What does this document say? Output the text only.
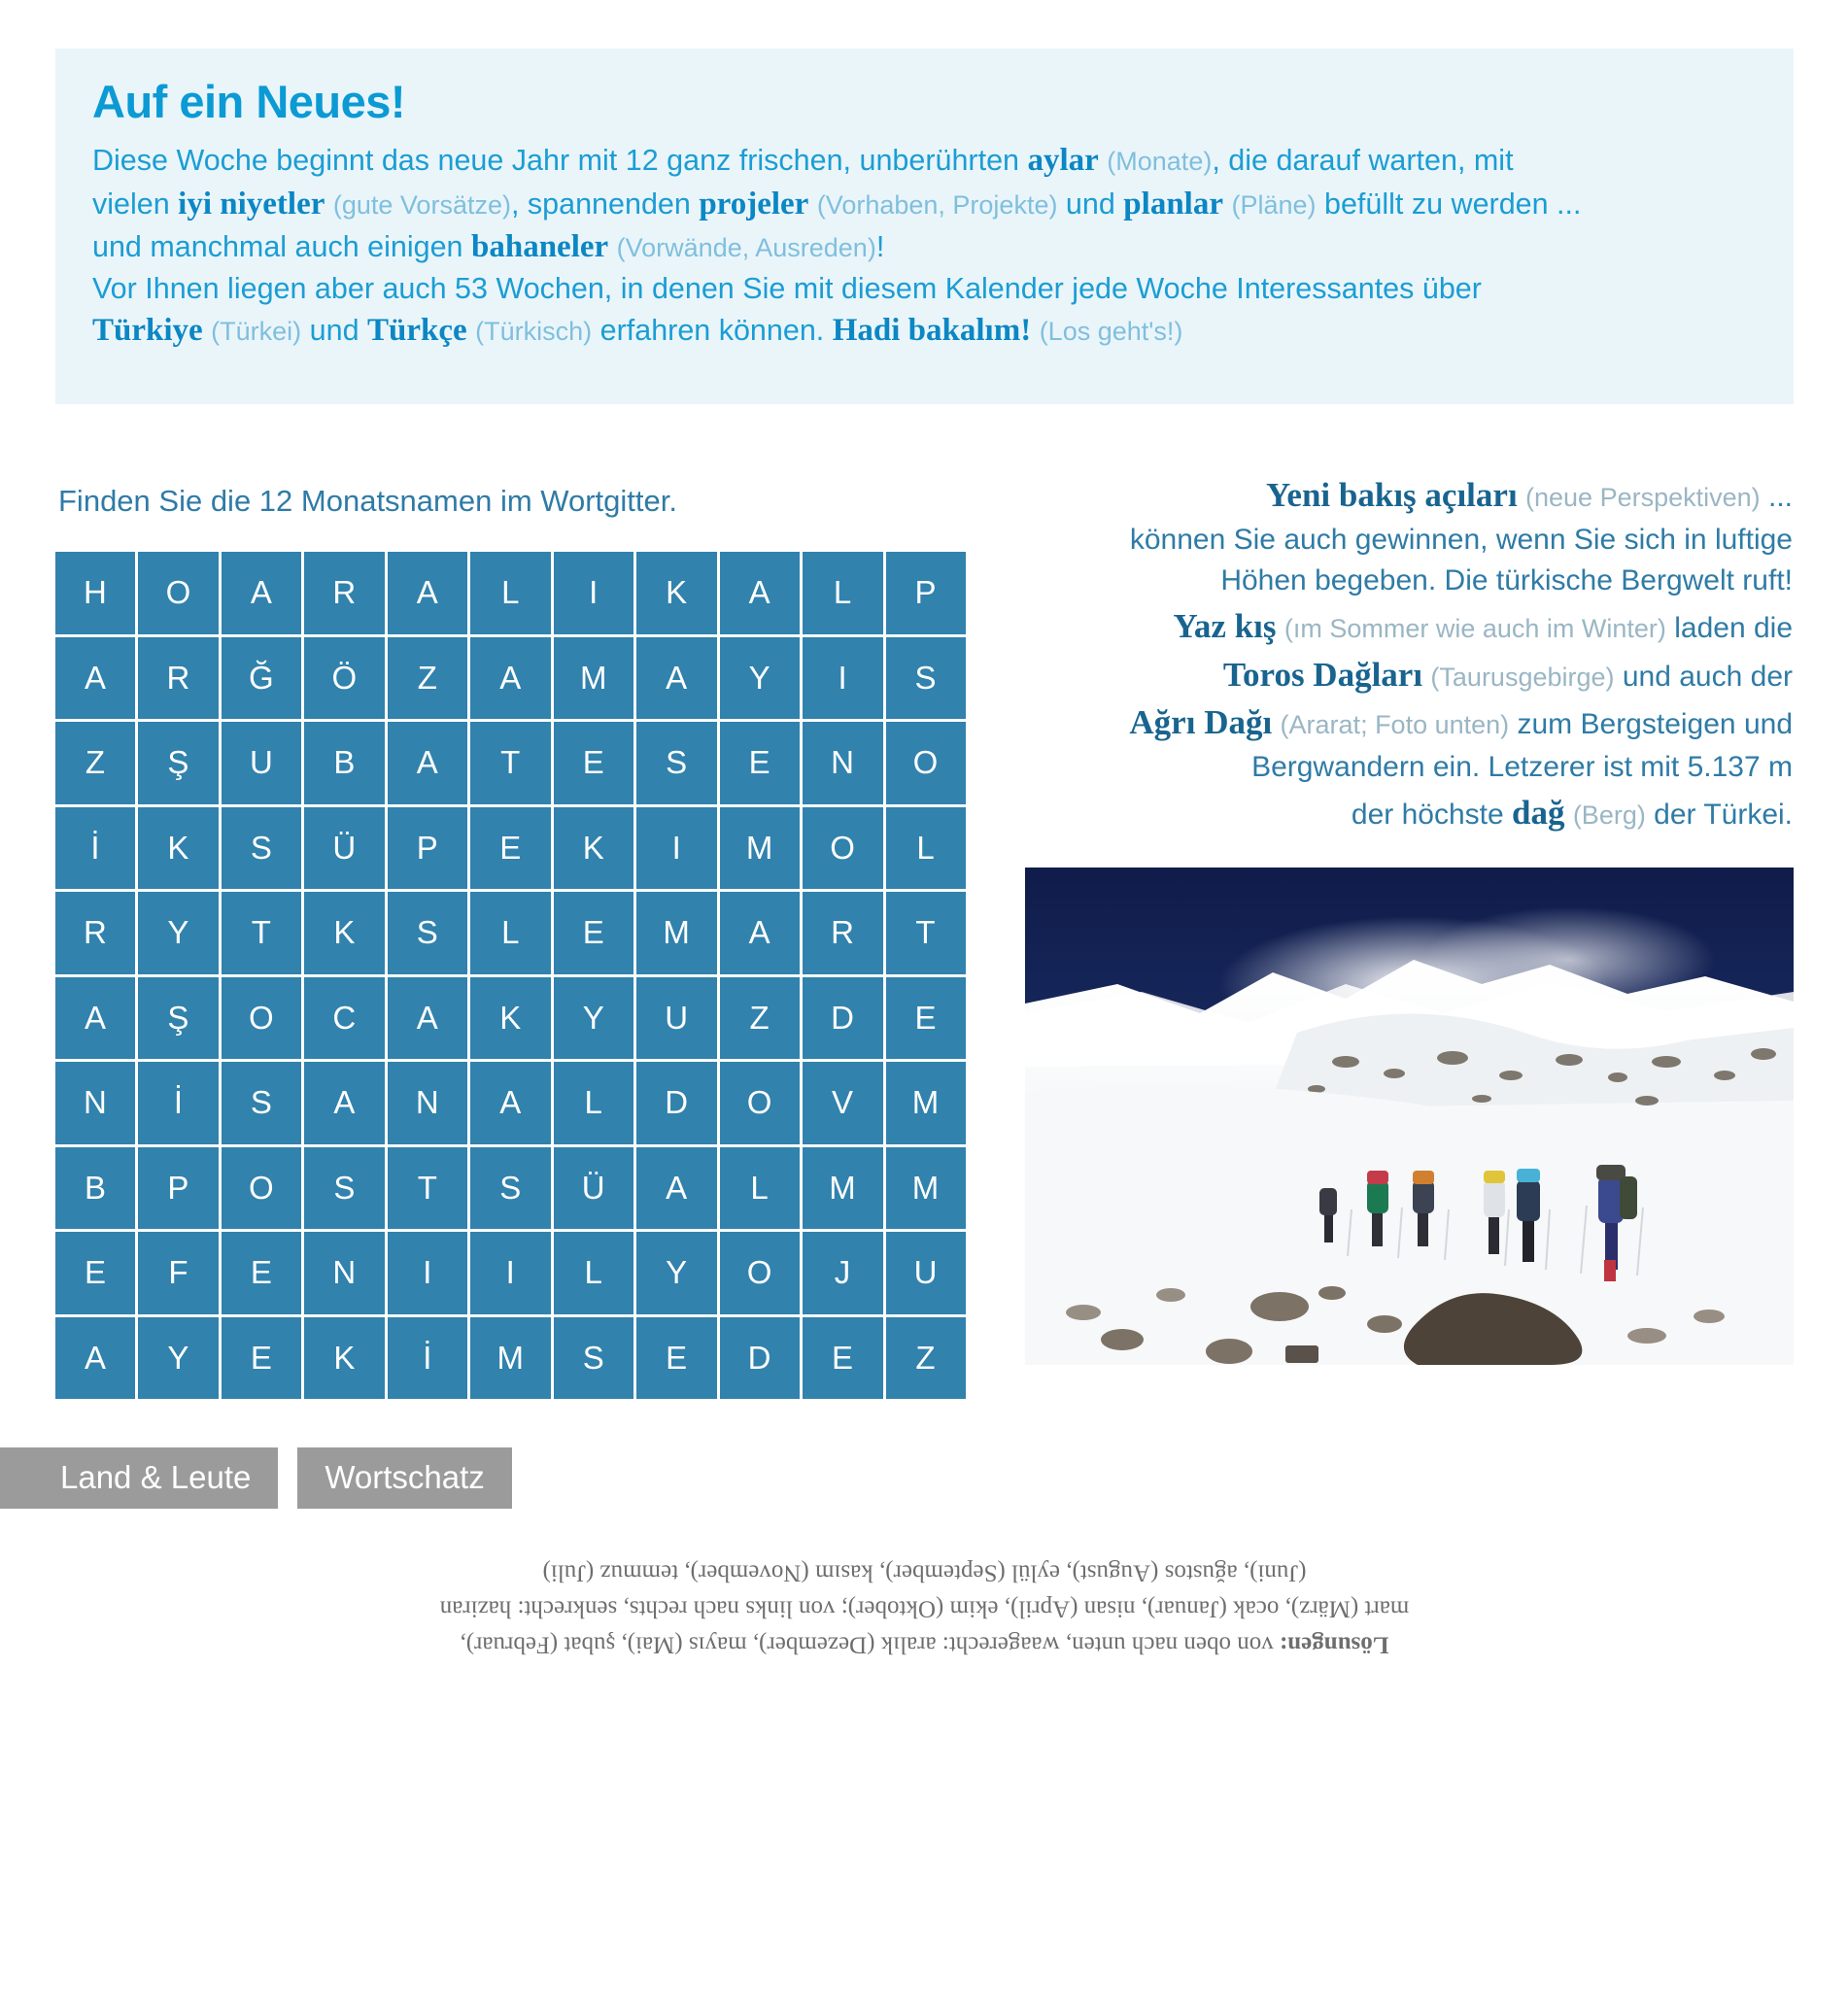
Auf ein Neues!

Diese Woche beginnt das neue Jahr mit 12 ganz frischen, unberührten aylar (Monate), die darauf warten, mit
vielen iyi niyetler (gute Vorsätze), spannenden projeler (Vorhaben, Projekte) und planlar (Pläne) befüllt zu werden ...
und manchmal auch einigen bahaneler (Vorwände, Ausreden)!
Vor Ihnen liegen aber auch 53 Wochen, in denen Sie mit diesem Kalender jede Woche Interessantes über
Türkiye (Türkei) und Türkçe (Türkisch) erfahren können. Hadi bakalım! (Los geht's!)

Finden Sie die 12 Monatsnamen im Wortgitter.
H	O	A	R	A	L	I	K	A	L	P
A	R	Ğ	Ö	Z	A	M	A	Y	I	S
Z	Ş	U	B	A	T	E	S	E	N	O
İ	K	S	Ü	P	E	K	I	M	O	L
R	Y	T	K	S	L	E	M	A	R	T
A	Ş	O	C	A	K	Y	U	Z	D	E
N	İ	S	A	N	A	L	D	O	V	M
B	P	O	S	T	S	Ü	A	L	M	M
E	F	E	N	I	I	L	Y	O	J	U
A	Y	E	K	İ	M	S	E	D	E	Z
Yeni bakış açıları (neue Perspektiven) ...
können Sie auch gewinnen, wenn Sie sich in luftige
Höhen begeben. Die türkische Bergwelt ruft!
Yaz kış (ım Sommer wie auch im Winter) laden die
Toros Dağları (Taurusgebirge) und auch der
Ağrı Dağı (Ararat; Foto unten) zum Bergsteigen und
Bergwandern ein. Letzerer ist mit 5.137 m
der höchste dağ (Berg) der Türkei.
Land & Leute	Wortschatz
Lösungen: von oben nach unten, waagerecht: aralık (Dezember), mayıs (Mai), şubat (Februar),
mart (März), ocak (Januar), nisan (April), ekim (Oktober); von links nach rechts, senkrecht: haziran
(Juni), ağustos (August), eylül (September), kasım (November), temmuz (Juli)
